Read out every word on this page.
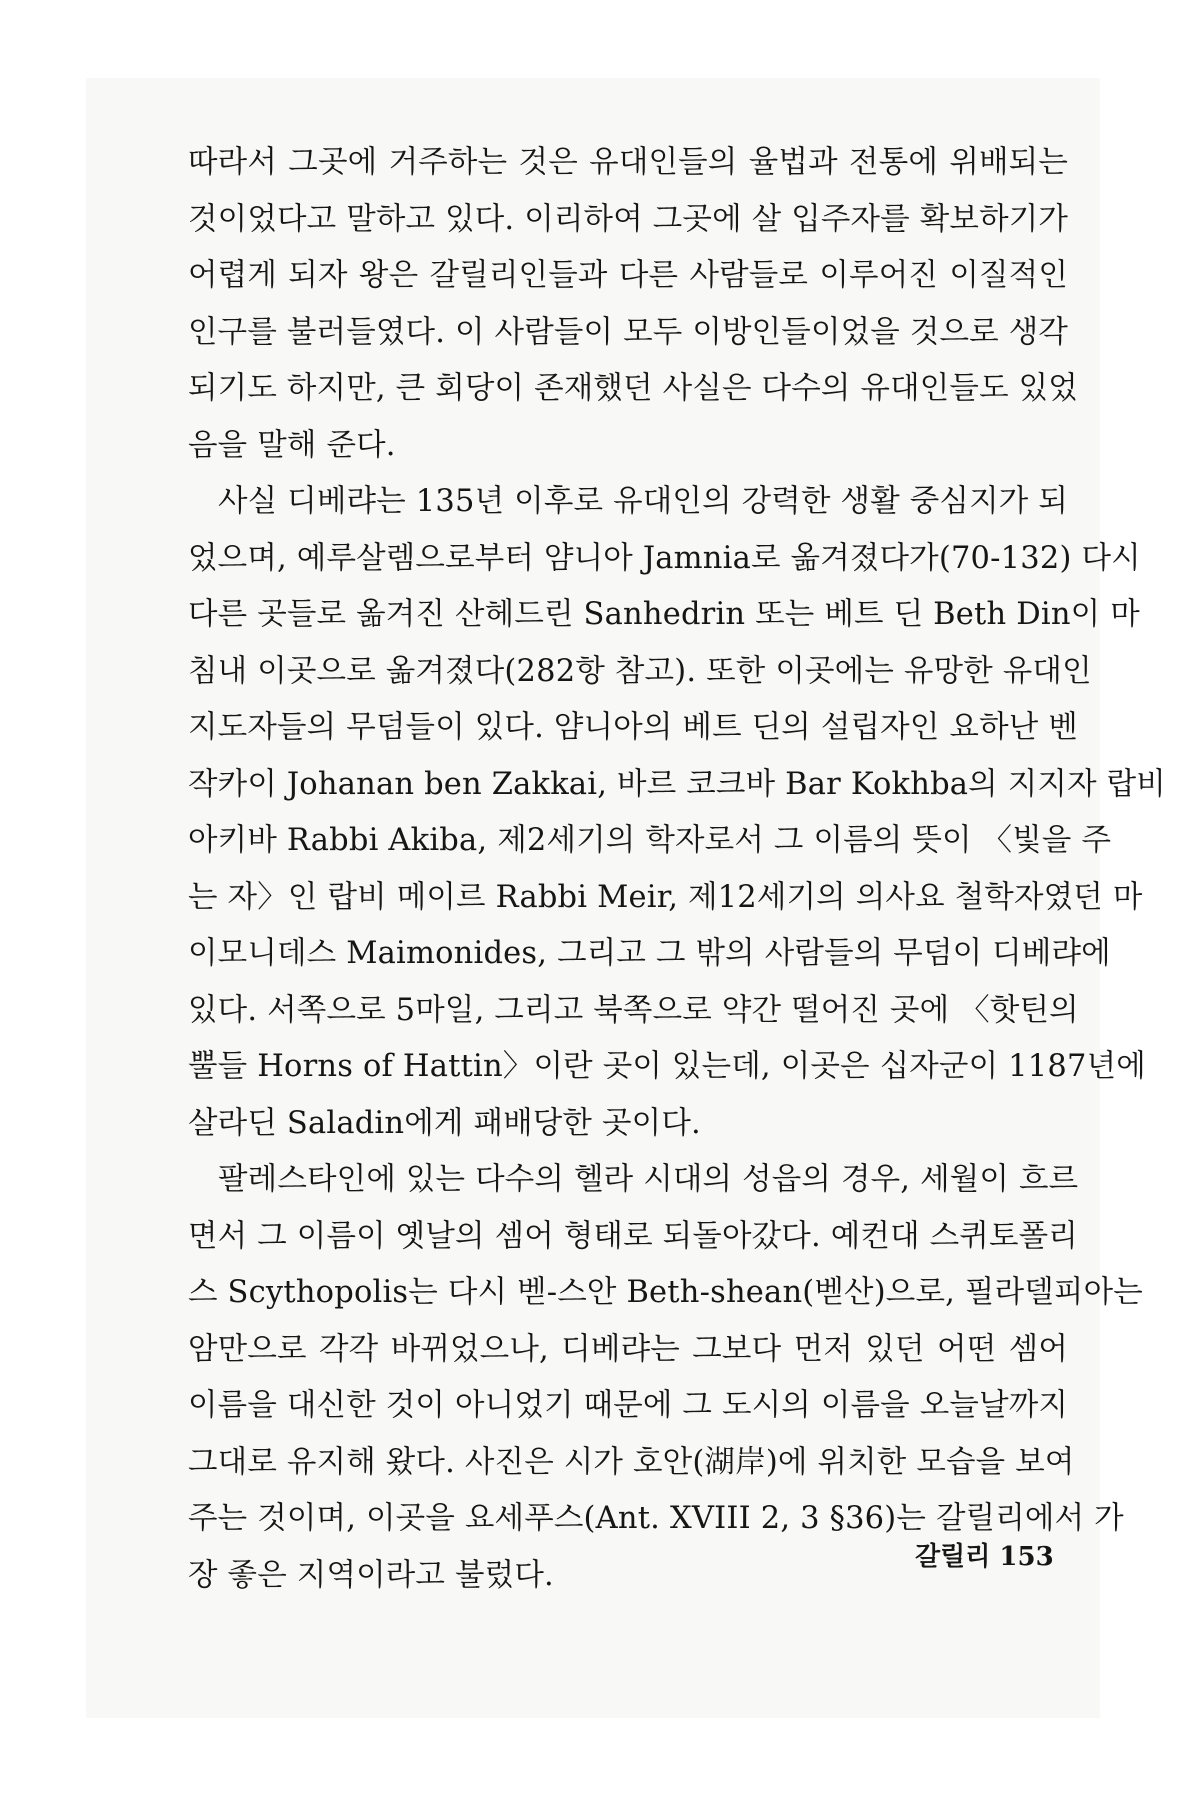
따라서 그곳에 거주하는 것은 유대인들의 율법과 전통에 위배되는
것이었다고 말하고 있다. 이리하여 그곳에 살 입주자를 확보하기가
어렵게 되자 왕은 갈릴리인들과 다른 사람들로 이루어진 이질적인
인구를 불러들였다. 이 사람들이 모두 이방인들이었을 것으로 생각
되기도 하지만, 큰 회당이 존재했던 사실은 다수의 유대인들도 있었
음을 말해 준다.
사실 디베랴는 135년 이후로 유대인의 강력한 생활 중심지가 되
었으며, 예루살렘으로부터 얌니아 Jamnia로 옮겨졌다가(70-132) 다시
다른 곳들로 옮겨진 산헤드린 Sanhedrin 또는 베트 딘 Beth Din이 마
침내 이곳으로 옮겨졌다(282항 참고). 또한 이곳에는 유망한 유대인
지도자들의 무덤들이 있다. 얌니아의 베트 딘의 설립자인 요하난 벤
작카이 Johanan ben Zakkai, 바르 코크바 Bar Kokhba의 지지자 랍비
아키바 Rabbi Akiba, 제2세기의 학자로서 그 이름의 뜻이 〈빛을 주
는 자〉인 랍비 메이르 Rabbi Meir, 제12세기의 의사요 철학자였던 마
이모니데스 Maimonides, 그리고 그 밖의 사람들의 무덤이 디베랴에
있다. 서쪽으로 5마일, 그리고 북쪽으로 약간 떨어진 곳에 〈핫틴의
뿔들 Horns of Hattin〉이란 곳이 있는데, 이곳은 십자군이 1187년에
살라딘 Saladin에게 패배당한 곳이다.
팔레스타인에 있는 다수의 헬라 시대의 성읍의 경우, 세월이 흐르
면서 그 이름이 옛날의 셈어 형태로 되돌아갔다. 예컨대 스퀴토폴리
스 Scythopolis는 다시 벧-스안 Beth-shean(벧산)으로, 필라델피아는
암만으로 각각 바뀌었으나, 디베랴는 그보다 먼저 있던 어떤 셈어
이름을 대신한 것이 아니었기 때문에 그 도시의 이름을 오늘날까지
그대로 유지해 왔다. 사진은 시가 호안(湖岸)에 위치한 모습을 보여
주는 것이며, 이곳을 요세푸스(Ant. XVIII 2, 3 §36)는 갈릴리에서 가
장 좋은 지역이라고 불렀다.
갈릴리 153
